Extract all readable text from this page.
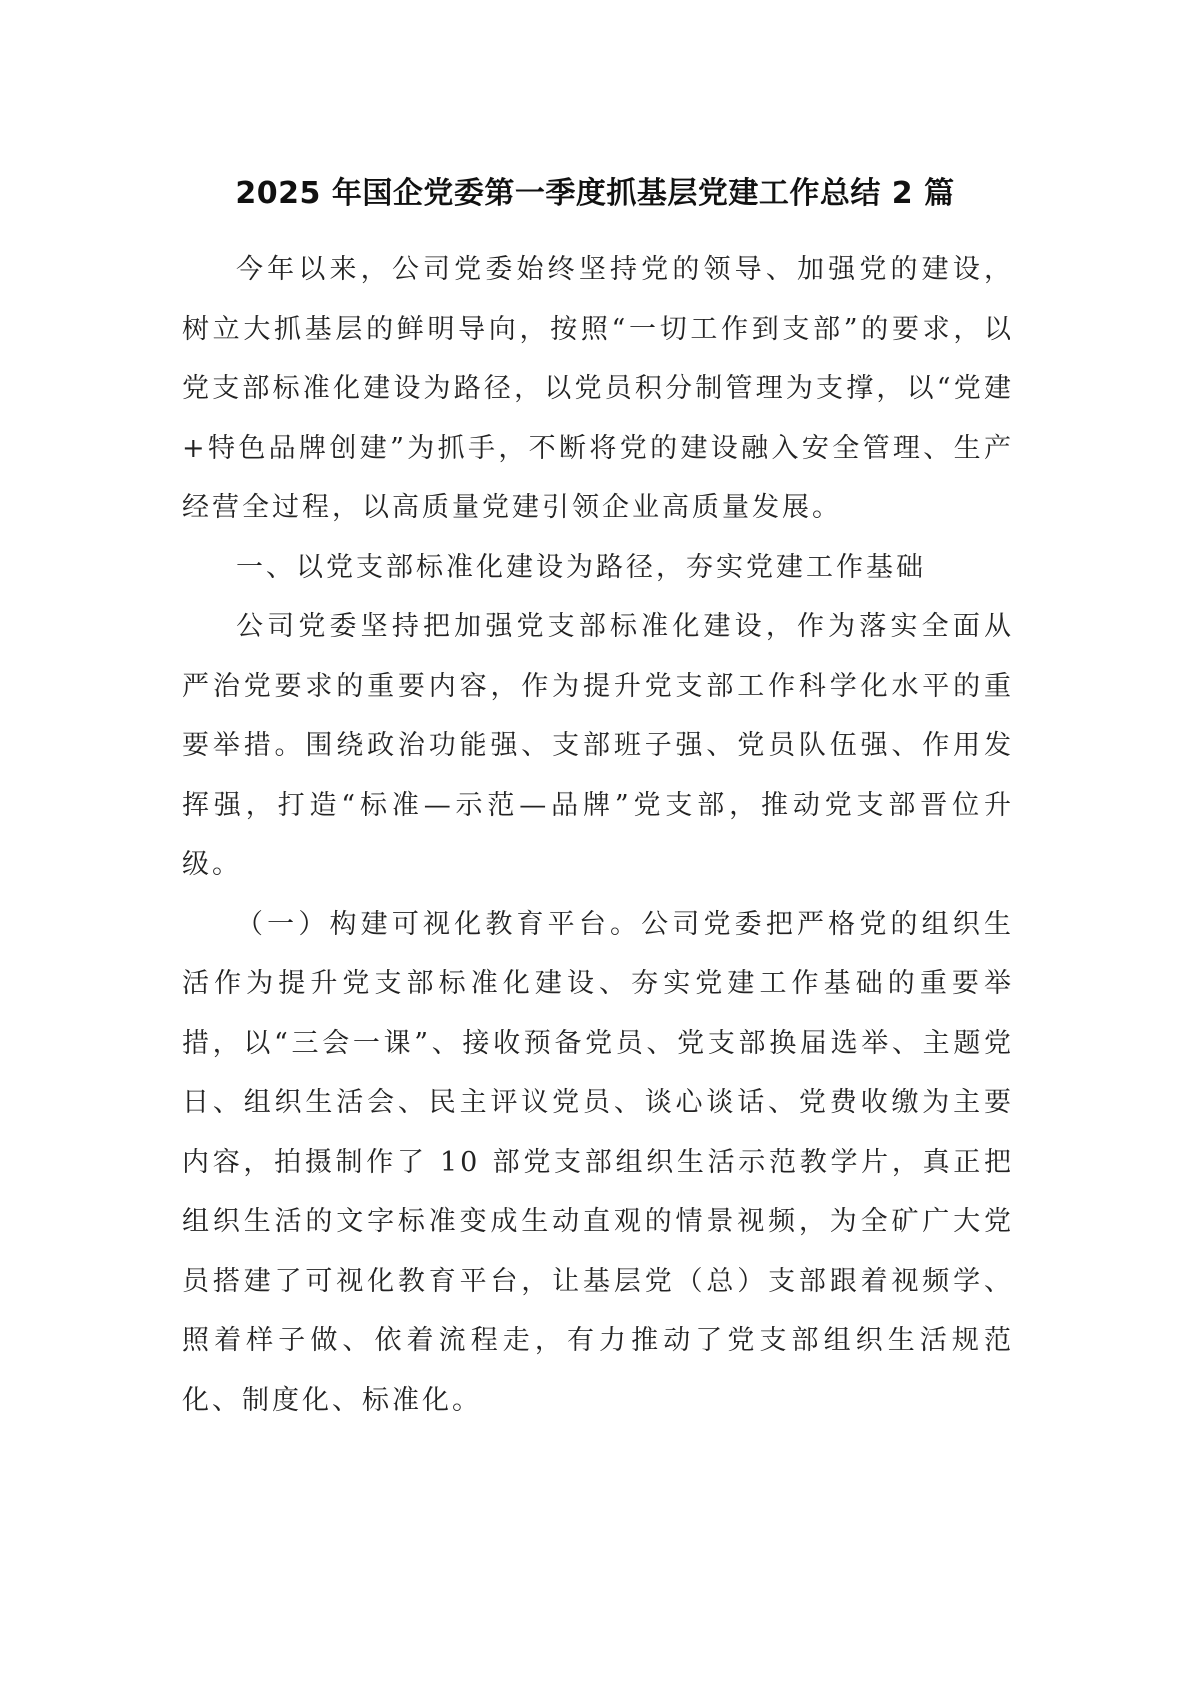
2025 年国企党委第一季度抓基层党建工作总结 2 篇

今年以来，公司党委始终坚持党的领导、加强党的建设，树立大抓基层的鲜明导向，按照“一切工作到支部”的要求，以党支部标准化建设为路径，以党员积分制管理为支撑，以“党建+特色品牌创建”为抓手，不断将党的建设融入安全管理、生产经营全过程，以高质量党建引领企业高质量发展。

一、以党支部标准化建设为路径，夯实党建工作基础

公司党委坚持把加强党支部标准化建设，作为落实全面从严治党要求的重要内容，作为提升党支部工作科学化水平的重要举措。围绕政治功能强、支部班子强、党员队伍强、作用发挥强，打造“标准—示范—品牌”党支部，推动党支部晋位升级。

（一）构建可视化教育平台。公司党委把严格党的组织生活作为提升党支部标准化建设、夯实党建工作基础的重要举措，以“三会一课”、接收预备党员、党支部换届选举、主题党日、组织生活会、民主评议党员、谈心谈话、党费收缴为主要内容，拍摄制作了 10 部党支部组织生活示范教学片，真正把组织生活的文字标准变成生动直观的情景视频，为全矿广大党员搭建了可视化教育平台，让基层党（总）支部跟着视频学、照着样子做、依着流程走，有力推动了党支部组织生活规范化、制度化、标准化。
